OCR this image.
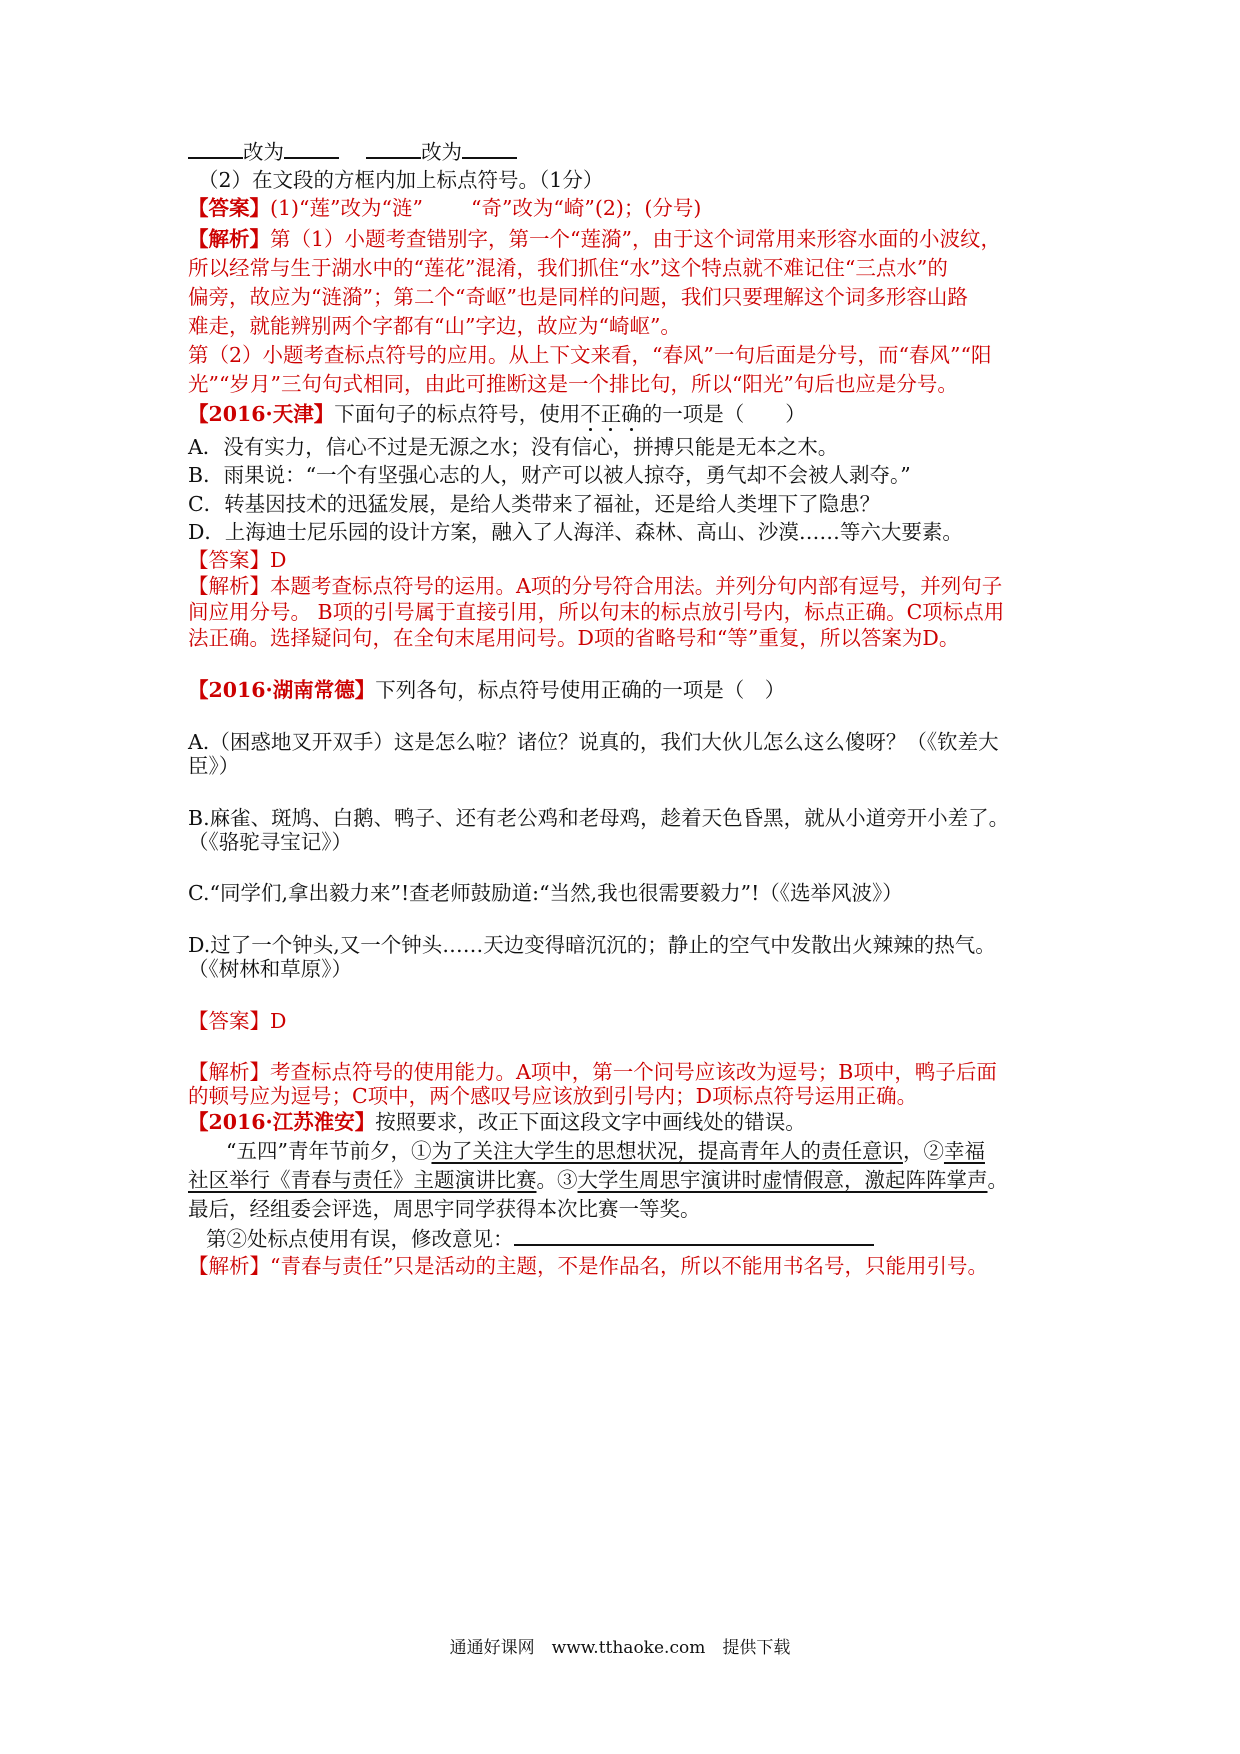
改为	改为
（2）在文段的方框内加上标点符号。（1分）
【答案】(1)“莲”改为“涟” “奇”改为“崎”(2)；(分号)
【解析】第（1）小题考查错别字，第一个“莲漪”，由于这个词常用来形容水面的小波纹，
所以经常与生于湖水中的“莲花”混淆，我们抓住“水”这个特点就不难记住“三点水”的
偏旁，故应为“涟漪”；第二个“奇岖”也是同样的问题，我们只要理解这个词多形容山路
难走，就能辨别两个字都有“山”字边，故应为“崎岖”。
第（2）小题考查标点符号的应用。从上下文来看，“春风”一句后面是分号，而“春风”“阳
光”“岁月”三句句式相同，由此可推断这是一个排比句，所以“阳光”句后也应是分号。
【2016·天津】下面句子的标点符号，使用不正确的一项是（　　）
A．没有实力，信心不过是无源之水；没有信心，拼搏只能是无本之木。
B．雨果说：“一个有坚强心志的人，财产可以被人掠夺，勇气却不会被人剥夺。”
C．转基因技术的迅猛发展，是给人类带来了福祉，还是给人类埋下了隐患？
D．上海迪士尼乐园的设计方案，融入了人海洋、森林、高山、沙漠……等六大要素。
【答案】D
【解析】本题考查标点符号的运用。A项的分号符合用法。并列分句内部有逗号，并列句子
间应用分号。 B项的引号属于直接引用，所以句末的标点放引号内，标点正确。C项标点用
法正确。选择疑问句，在全句末尾用问号。D项的省略号和“等”重复，所以答案为D。
【2016·湖南常德】下列各句，标点符号使用正确的一项是（　）
A.（困惑地叉开双手）这是怎么啦？诸位？说真的，我们大伙儿怎么这么傻呀？（《钦差大
臣》）
B.麻雀、斑鸠、白鹅、鸭子、还有老公鸡和老母鸡，趁着天色昏黑，就从小道旁开小差了。
（《骆驼寻宝记》）
C.“同学们,拿出毅力来”!查老师鼓励道:“当然,我也很需要毅力”!（《选举风波》）
D.过了一个钟头,又一个钟头……天边变得暗沉沉的；静止的空气中发散出火辣辣的热气。
（《树林和草原》）
【答案】D
【解析】考查标点符号的使用能力。A项中，第一个问号应该改为逗号；B项中，鸭子后面
的顿号应为逗号；C项中，两个感叹号应该放到引号内；D项标点符号运用正确。
【2016·江苏淮安】按照要求，改正下面这段文字中画线处的错误。
“五四”青年节前夕，①为了关注大学生的思想状况，提高青年人的责任意识，②幸福
社区举行《青春与责任》主题演讲比赛。③大学生周思宇演讲时虚情假意，激起阵阵掌声。
最后，经组委会评选，周思宇同学获得本次比赛一等奖。
第②处标点使用有误，修改意见：
【解析】“青春与责任”只是活动的主题，不是作品名，所以不能用书名号，只能用引号。
通通好课网　www.tthaoke.com　提供下载
